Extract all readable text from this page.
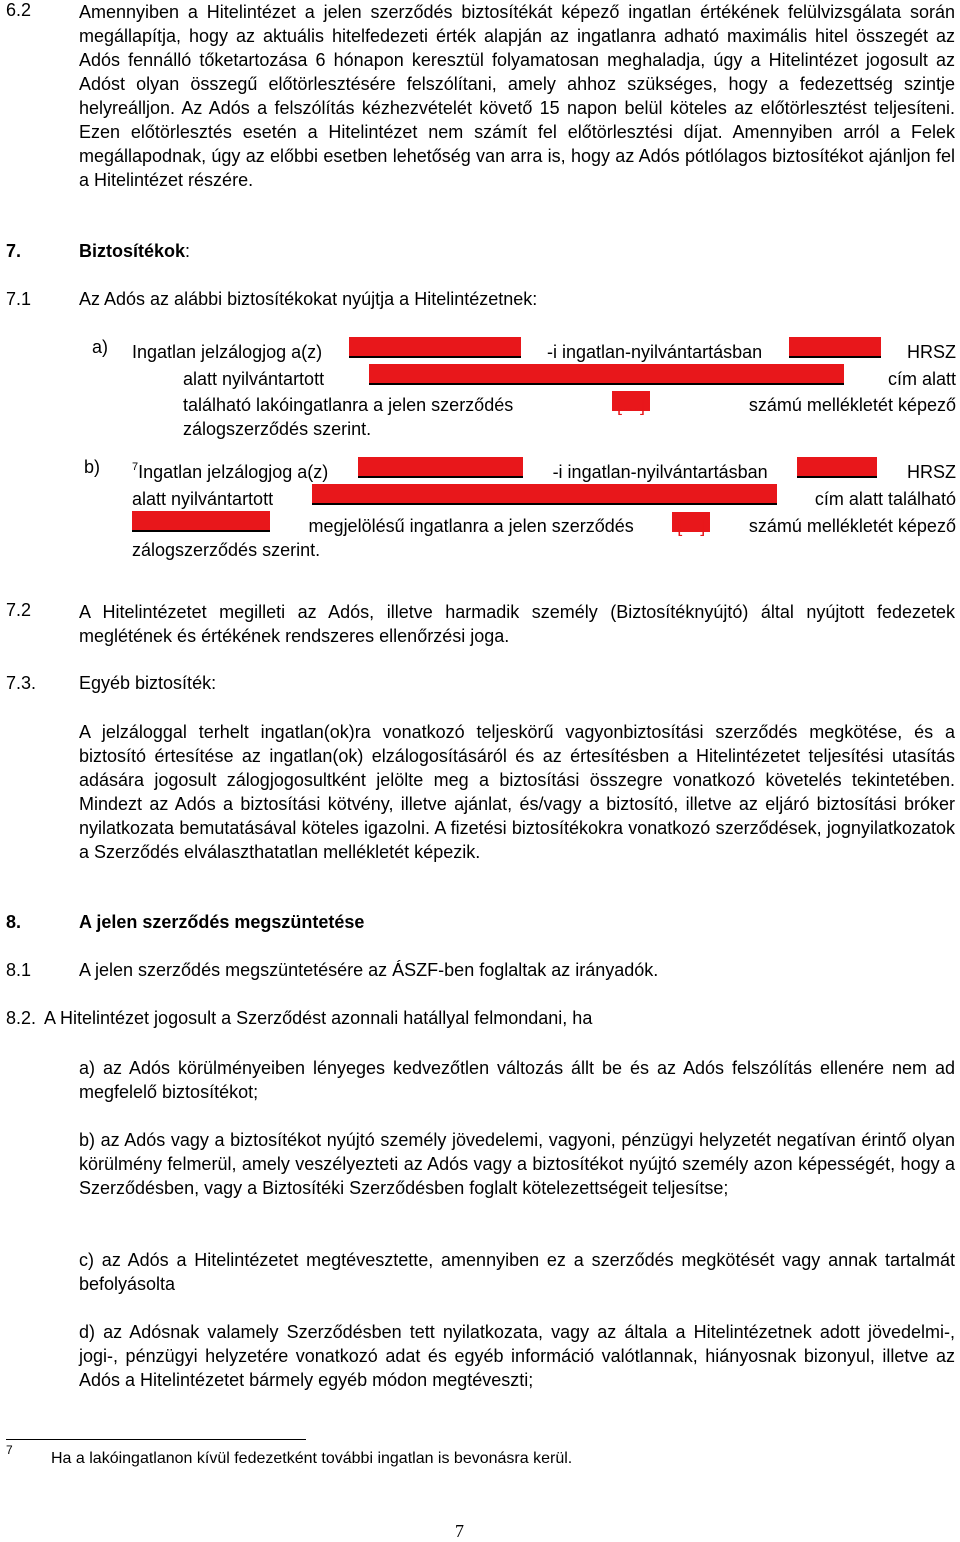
6.2	Amennyiben a Hitelintézet a jelen szerződés biztosítékát képező ingatlan értékének felülvizsgálata során megállapítja, hogy az aktuális hitelfedezeti érték alapján az ingatlanra adható maximális hitel összegét az Adós fennálló tőketartozása 6 hónapon keresztül folyamatosan meghaladja, úgy a Hitelintézet jogosult az Adóst olyan összegű előtörlesztésére felszólítani, amely ahhoz szükséges, hogy a fedezettség szintje helyreálljon. Az Adós a felszólítás kézhezvételét követő 15 napon belül köteles az előtörlesztést teljesíteni. Ezen előtörlesztés esetén a Hitelintézet nem számít fel előtörlesztési díjat. Amennyiben arról a Felek megállapodnak, úgy az előbbi esetben lehetőség van arra is, hogy az Adós pótlólagos biztosítékot ajánljon fel a Hitelintézet részére.

7.	Biztosítékok:
7.1	Az Adós az alábbi biztosítékokat nyújtja a Hitelintézetnek:
a) Ingatlan jelzálogjog a(z)	-i ingatlan-nyilvántartásban	HRSZ
alatt nyilvántartott	cím alatt
található lakóingatlanra a jelen szerződés	[…]	számú mellékletét képező
zálogszerződés szerint.
b)	$^7$Ingatlan jelzálogjog a(z)	-i ingatlan-nyilvántartásban	HRSZ
alatt nyilvántartott	cím alatt található
megjelölésű ingatlanra a jelen szerződés […] számú mellékletét képező
zálogszerződés szerint.
7.2	A Hitelintézetet megilleti az Adós, illetve harmadik személy (Biztosítéknyújtó) által nyújtott fedezetek meglétének és értékének rendszeres ellenőrzési joga.

7.3. Egyéb biztosíték:

A jelzáloggal terhelt ingatlan(ok)ra vonatkozó teljeskörű vagyonbiztosítási szerződés megkötése, és a biztosító értesítése az ingatlan(ok) elzálogosításáról és az értesítésben a Hitelintézetet teljesítési utasítás adására jogosult zálogjogosultként jelölte meg a biztosítási összegre vonatkozó követelés tekintetében. Mindezt az Adós a biztosítási kötvény, illetve ajánlat, és/vagy a biztosító, illetve az eljáró biztosítási bróker nyilatkozata bemutatásával köteles igazolni. A fizetési biztosítékokra vonatkozó szerződések, jognyilatkozatok a Szerződés elválaszthatatlan mellékletét képezik.

8.	A jelen szerződés megszüntetése
8.1	A jelen szerződés megszüntetésére az ÁSZF-ben foglaltak az irányadók.
8.2. A Hitelintézet jogosult a Szerződést azonnali hatállyal felmondani, ha

a) az Adós körülményeiben lényeges kedvezőtlen változás állt be és az Adós felszólítás ellenére nem ad megfelelő biztosítékot;

b) az Adós vagy a biztosítékot nyújtó személy jövedelemi, vagyoni, pénzügyi helyzetét negatívan érintő olyan körülmény felmerül, amely veszélyezteti az Adós vagy a biztosítékot nyújtó személy azon képességét, hogy a Szerződésben, vagy a Biztosítéki Szerződésben foglalt kötelezettségeit teljesítse;

c) az Adós a Hitelintézetet megtévesztette, amennyiben ez a szerződés megkötését vagy annak tartalmát befolyásolta

d) az Adósnak valamely Szerződésben tett nyilatkozata, vagy az általa a Hitelintézetnek adott jövedelmi-, jogi-, pénzügyi helyzetére vonatkozó adat és egyéb információ valótlannak, hiányosnak bizonyul, illetve az Adós a Hitelintézetet bármely egyéb módon megtéveszti;

7 Ha a lakóingatlanon kívül fedezetként további ingatlan is bevonásra kerül.
7
